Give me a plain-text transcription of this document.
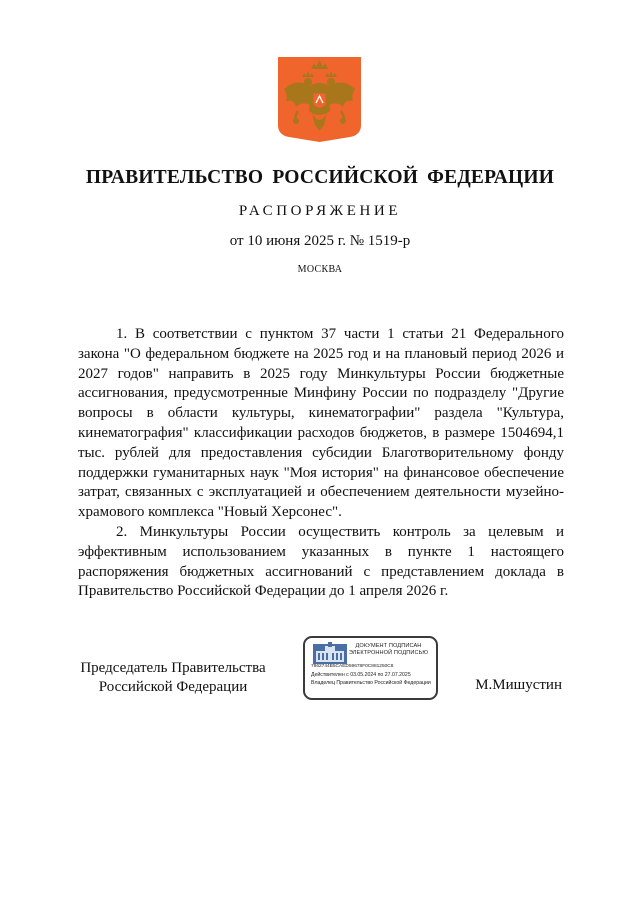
ПРАВИТЕЛЬСТВО РОССИЙСКОЙ ФЕДЕРАЦИИ
РАСПОРЯЖЕНИЕ
от 10 июня 2025 г. № 1519-р
МОСКВА

1. В соответствии с пунктом 37 части 1 статьи 21 Федерального закона "О федеральном бюджете на 2025 год и на плановый период 2026 и 2027 годов" направить в 2025 году Минкультуры России бюджетные ассигнования, предусмотренные Минфину России по подразделу "Другие вопросы в области культуры, кинематографии" раздела "Культура, кинематография" классификации расходов бюджетов, в размере 1504694,1 тыс. рублей для предоставления субсидии Благотворительному фонду поддержки гуманитарных наук "Моя история" на финансовое обеспечение затрат, связанных с эксплуатацией и обеспечением деятельности музейно-храмового комплекса "Новый Херсонес".

2. Минкультуры России осуществить контроль за целевым и эффективным использованием указанных в пункте 1 настоящего распоряжения бюджетных ассигнований с представлением доклада в Правительство Российской Федерации до 1 апреля 2026 г.

Председатель Правительства
Российской Федерации
ДОКУМЕНТ ПОДПИСАН
ЭЛЕКТРОННОЙ ПОДПИСЬЮ
7862744B5CAED59678F0C881250C8
Действителен с 03.05.2024 по 27.07.2025
Владелец Правительство Российской Федерации	М.Мишустин
